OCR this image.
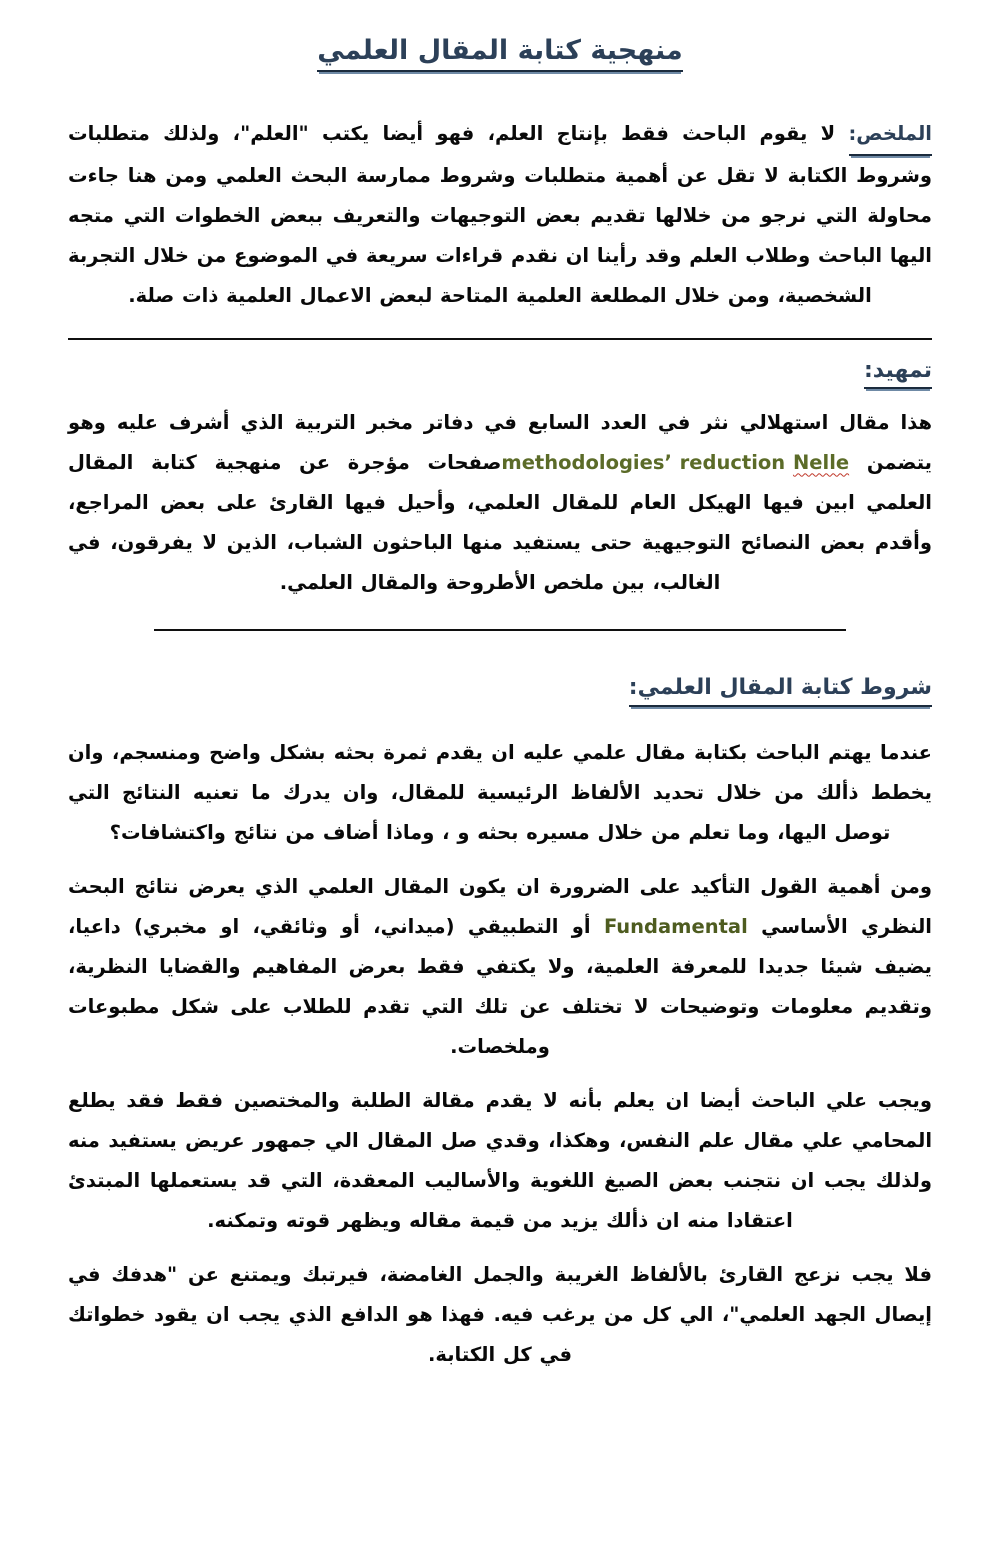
منهجية كتابة المقال العلمي

الملخص: لا يقوم الباحث فقط بإنتاج العلم، فهو أيضا يكتب "العلم"، ولذلك متطلبات وشروط الكتابة لا تقل عن أهمية متطلبات وشروط ممارسة البحث العلمي ومن هنا جاءت محاولة التي نرجو من خلالها تقديم بعض التوجيهات والتعريف ببعض الخطوات التي متجه اليها الباحث وطلاب العلم وقد رأينا ان نقدم قراءات سريعة في الموضوع من خلال التجربة الشخصية، ومن خلال المطلعة العلمية المتاحة لبعض الاعمال العلمية ذات صلة.

تمهيد:

هذا مقال استهلالي نثر في العدد السابع في دفاتر مخبر التربية الذي أشرف عليه وهو يتضمن methodologies’ reduction Nelleصفحات مؤجرة عن منهجية كتابة المقال العلمي ابين فيها الهيكل العام للمقال العلمي، وأحيل فيها القارئ على بعض المراجع، وأقدم بعض النصائح التوجيهية حتى يستفيد منها الباحثون الشباب، الذين لا يفرقون، في الغالب، بين ملخص الأطروحة والمقال العلمي.

شروط كتابة المقال العلمي:

عندما يهتم الباحث بكتابة مقال علمي عليه ان يقدم ثمرة بحثه بشكل واضح ومنسجم، وان يخطط ذألك من خلال تحديد الألفاظ الرئيسية للمقال، وان يدرك ما تعنيه النتائج التي توصل اليها، وما تعلم من خلال مسيره بحثه و ، وماذا أضاف من نتائج واكتشافات؟

ومن أهمية القول التأكيد على الضرورة ان يكون المقال العلمي الذي يعرض نتائج البحث النظري الأساسي Fundamental أو التطبيقي (ميداني، أو وثائقي، او مخبري) داعيا، يضيف شيئا جديدا للمعرفة العلمية، ولا يكتفي فقط بعرض المفاهيم والقضايا النظرية، وتقديم معلومات وتوضيحات لا تختلف عن تلك التي تقدم للطلاب على شكل مطبوعات وملخصات.

ويجب علي الباحث أيضا ان يعلم بأنه لا يقدم مقالة الطلبة والمختصين فقط فقد يطلع المحامي علي مقال علم النفس، وهكذا، وقدي صل المقال الي جمهور عريض يستفيد منه ولذلك يجب ان نتجنب بعض الصيغ اللغوية والأساليب المعقدة، التي قد يستعملها المبتدئ اعتقادا منه ان ذألك يزيد من قيمة مقاله ويظهر قوته وتمكنه.

فلا يجب نزعج القارئ بالألفاظ الغريبة والجمل الغامضة، فيرتبك ويمتنع عن "هدفك في إيصال الجهد العلمي"، الي كل من يرغب فيه. فهذا هو الدافع الذي يجب ان يقود خطواتك في كل الكتابة.
